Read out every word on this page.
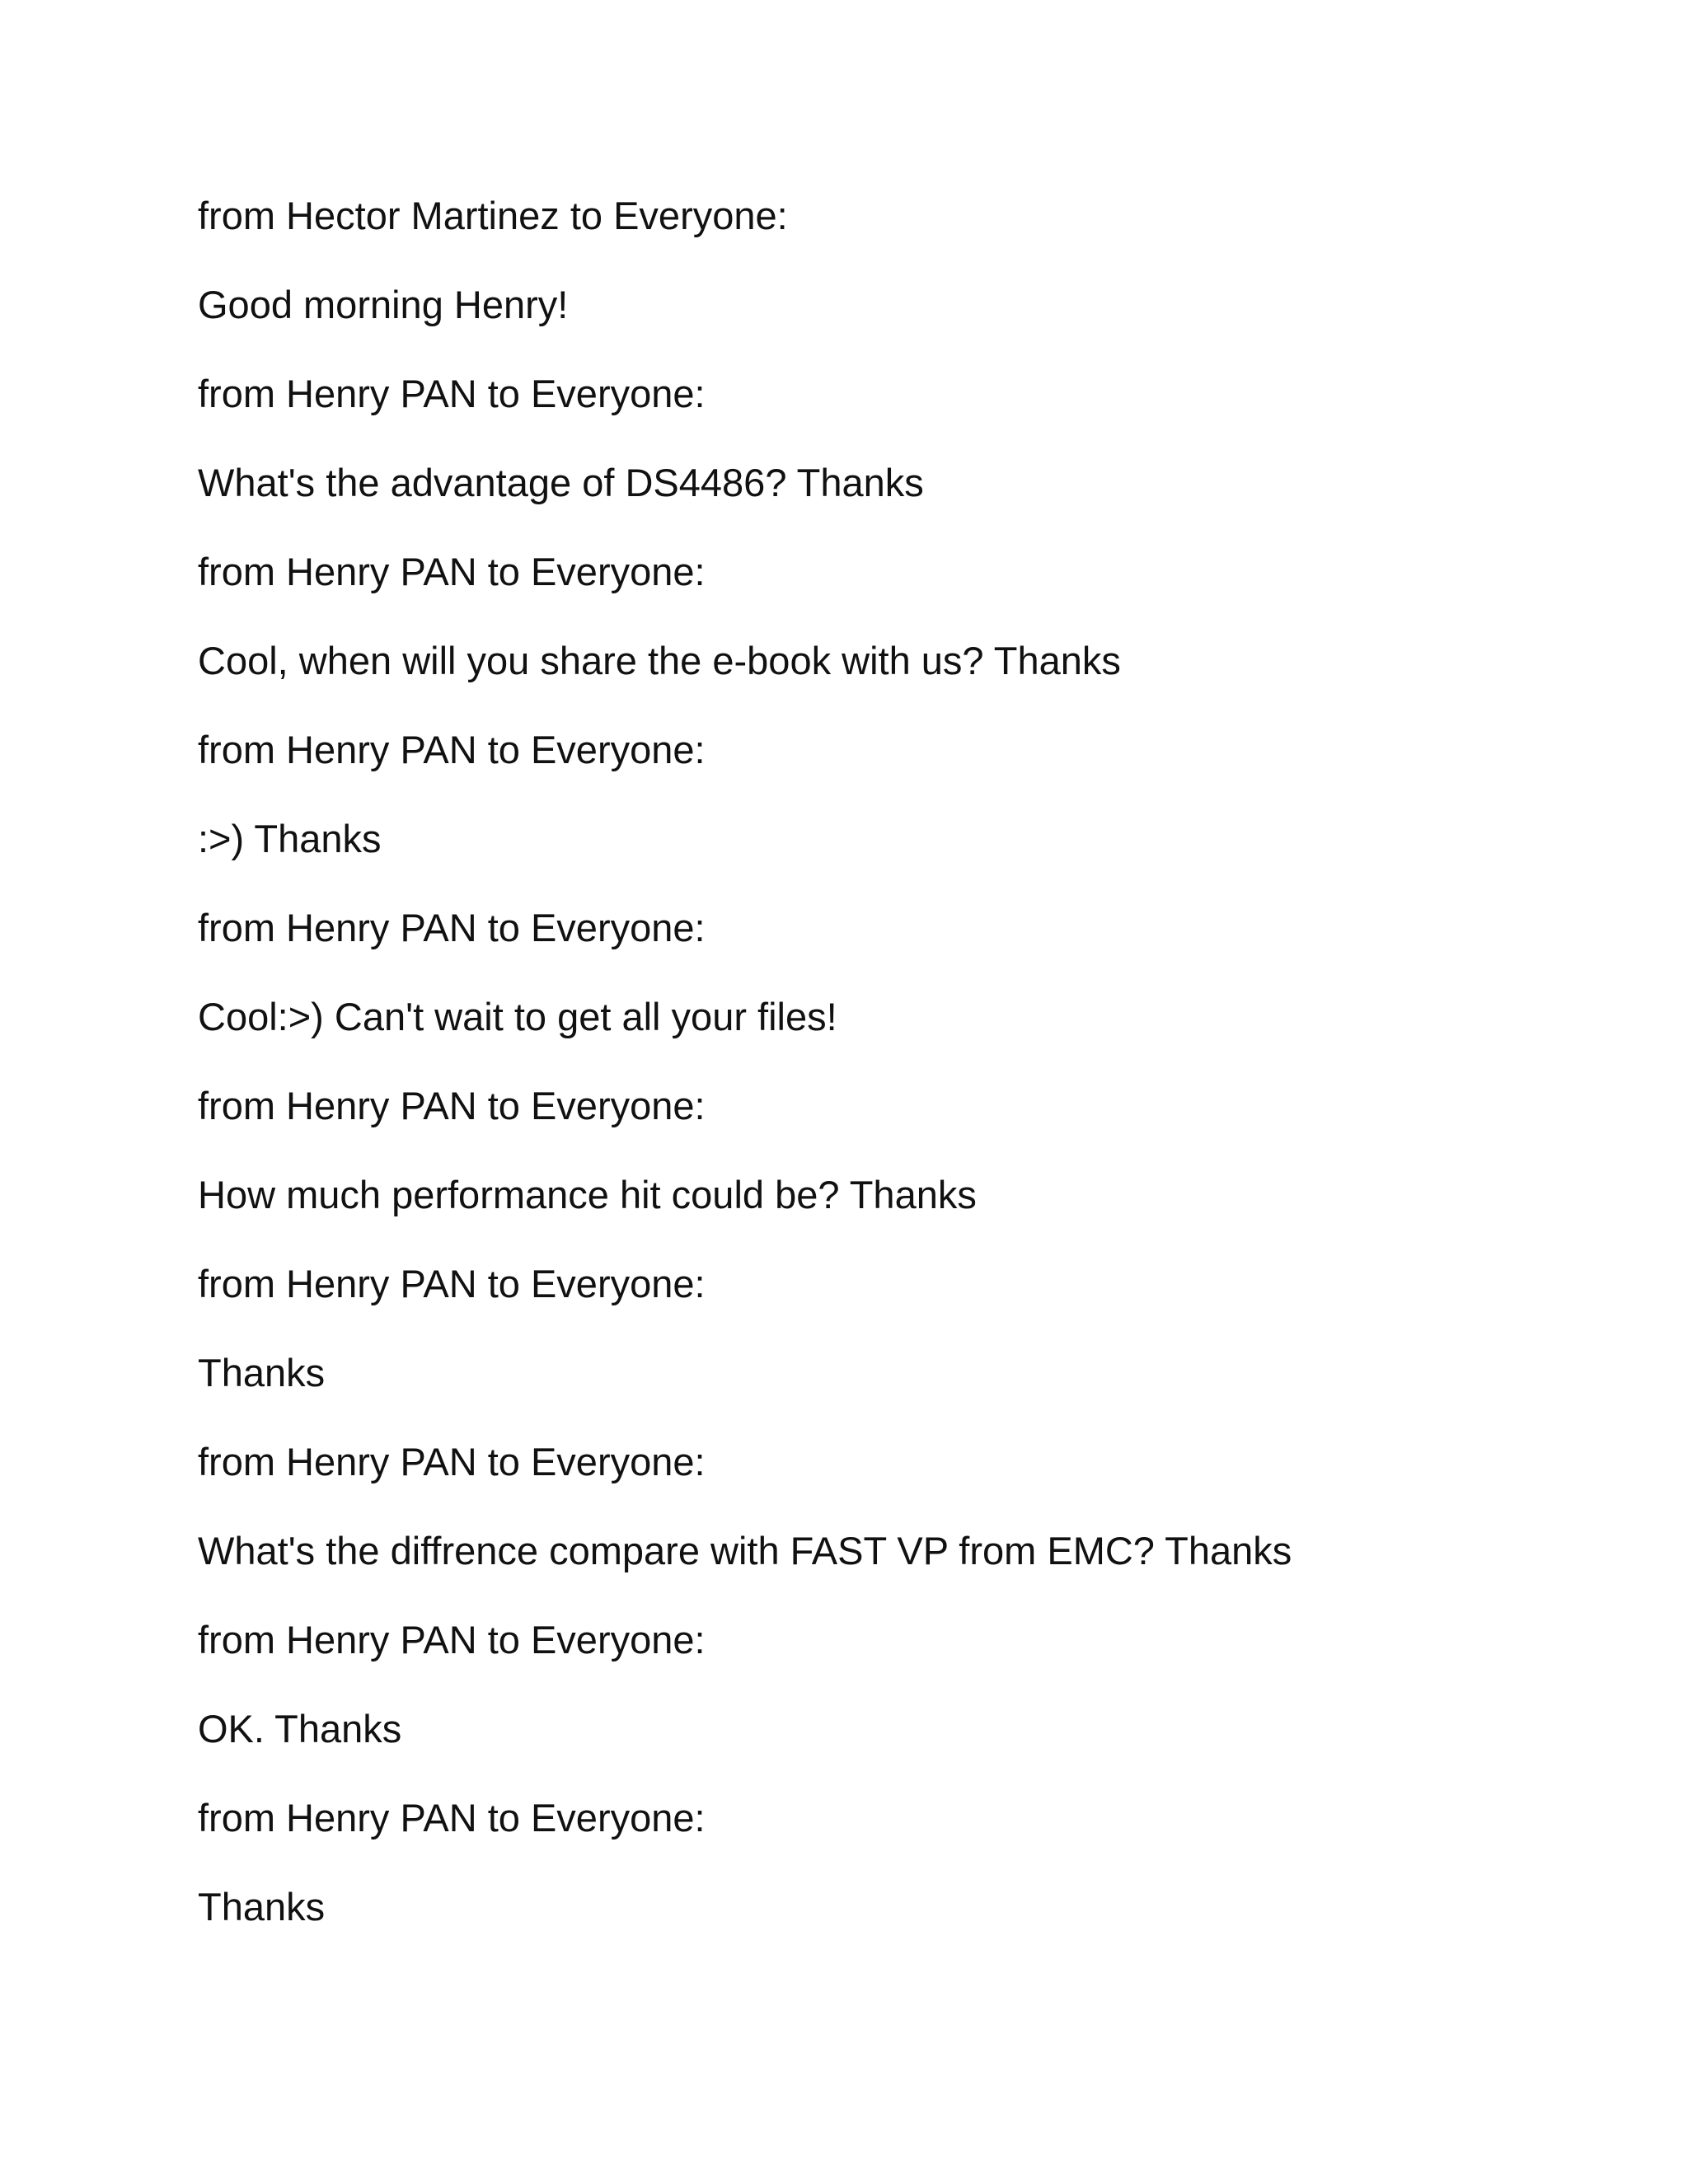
from Hector Martinez to Everyone:

Good morning Henry!

from Henry PAN to Everyone:

What's the advantage of DS4486? Thanks

from Henry PAN to Everyone:

Cool, when will you share the e-book with us? Thanks

from Henry PAN to Everyone:

:>) Thanks

from Henry PAN to Everyone:

Cool:>) Can't wait to get all your files!

from Henry PAN to Everyone:

How much performance hit could be? Thanks

from Henry PAN to Everyone:

Thanks

from Henry PAN to Everyone:

What's the diffrence compare with FAST VP from EMC? Thanks

from Henry PAN to Everyone:

OK. Thanks

from Henry PAN to Everyone:

Thanks
